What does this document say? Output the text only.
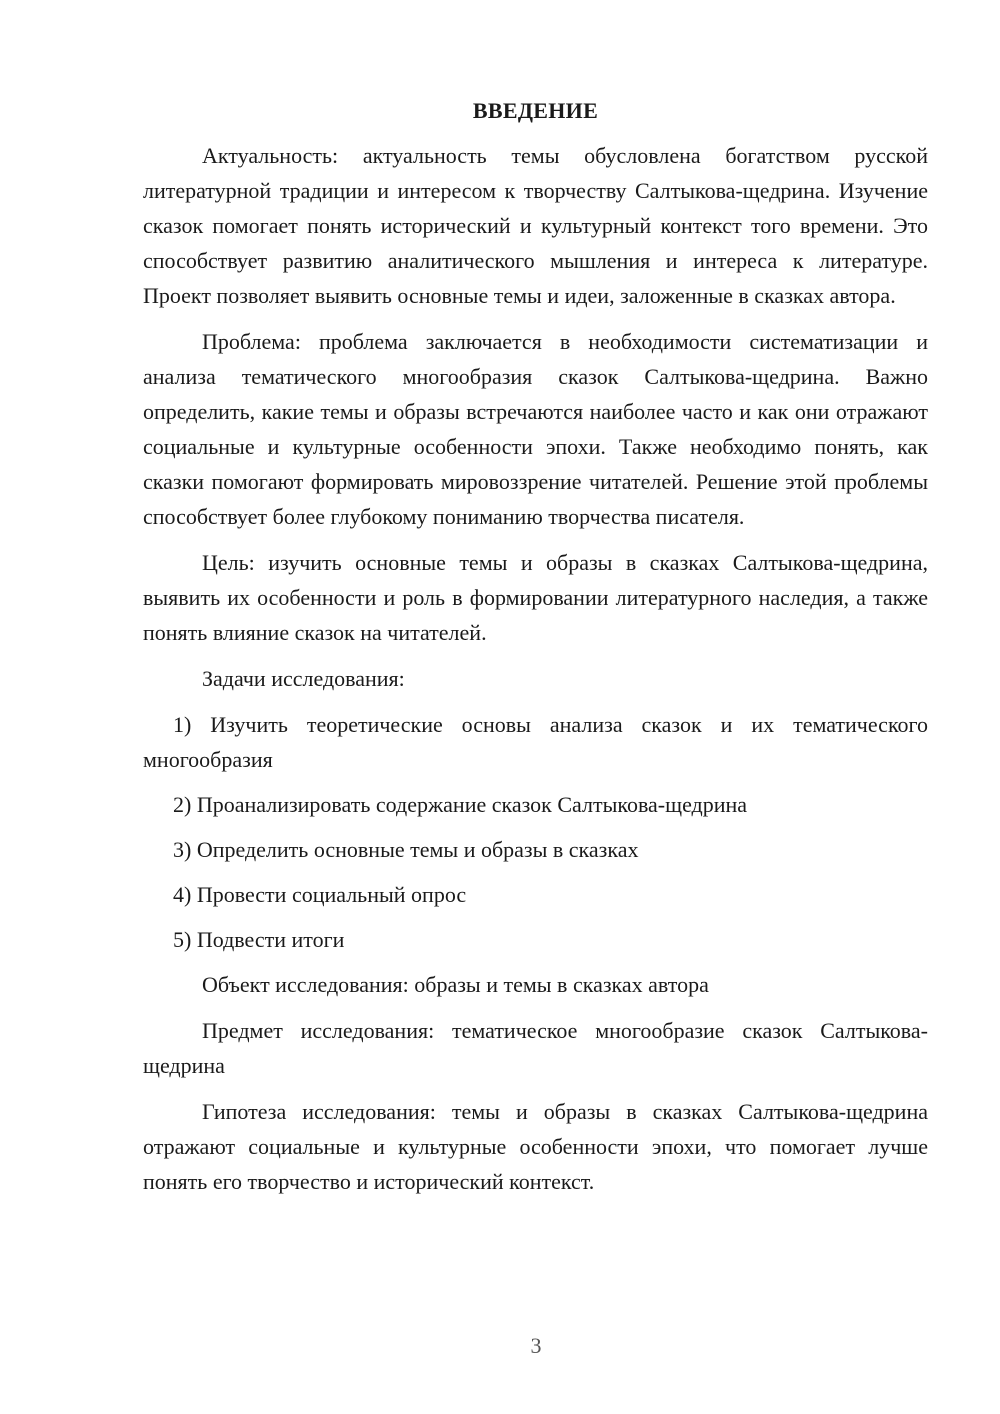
ВВЕДЕНИЕ

Актуальность: актуальность темы обусловлена богатством русской литературной традиции и интересом к творчеству Салтыкова-щедрина. Изучение сказок помогает понять исторический и культурный контекст того времени. Это способствует развитию аналитического мышления и интереса к литературе. Проект позволяет выявить основные темы и идеи, заложенные в сказках автора.

Проблема: проблема заключается в необходимости систематизации и анализа тематического многообразия сказок Салтыкова-щедрина. Важно определить, какие темы и образы встречаются наиболее часто и как они отражают социальные и культурные особенности эпохи. Также необходимо понять, как сказки помогают формировать мировоззрение читателей. Решение этой проблемы способствует более глубокому пониманию творчества писателя.

Цель: изучить основные темы и образы в сказках Салтыкова-щедрина, выявить их особенности и роль в формировании литературного наследия, а также понять влияние сказок на читателей.

Задачи исследования:

1) Изучить теоретические основы анализа сказок и их тематического многообразия

2) Проанализировать содержание сказок Салтыкова-щедрина

3) Определить основные темы и образы в сказках

4) Провести социальный опрос

5) Подвести итоги

Объект исследования: образы и темы в сказках автора

Предмет исследования: тематическое многообразие сказок Салтыкова-щедрина

Гипотеза исследования: темы и образы в сказках Салтыкова-щедрина отражают социальные и культурные особенности эпохи, что помогает лучше понять его творчество и исторический контекст.

3
